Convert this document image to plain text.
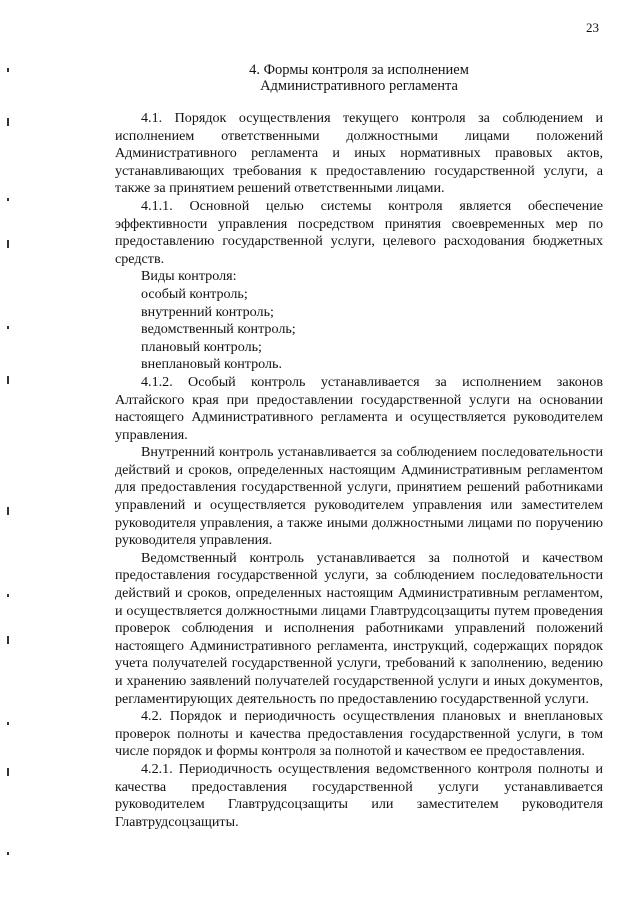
23
4. Формы контроля за исполнением
Административного регламента

4.1. Порядок осуществления текущего контроля за соблюдением и исполнением ответственными должностными лицами положений Административного регламента и иных нормативных правовых актов, устанавливающих требования к предоставлению государственной услуги, а также за принятием решений ответственными лицами.

4.1.1. Основной целью системы контроля является обеспечение эффективности управления посредством принятия своевременных мер по предоставлению государственной услуги, целевого расходования бюджетных средств.

Виды контроля:

особый контроль;

внутренний контроль;

ведомственный контроль;

плановый контроль;

внеплановый контроль.

4.1.2. Особый контроль устанавливается за исполнением законов Алтайского края при предоставлении государственной услуги на основании настоящего Административного регламента и осуществляется руководителем управления.

Внутренний контроль устанавливается за соблюдением последовательности действий и сроков, определенных настоящим Административным регламентом для предоставления государственной услуги, принятием решений работниками управлений и осуществляется руководителем управления или заместителем руководителя управления, а также иными должностными лицами по поручению руководителя управления.

Ведомственный контроль устанавливается за полнотой и качеством предоставления государственной услуги, за соблюдением последовательности действий и сроков, определенных настоящим Административным регламентом, и осуществляется должностными лицами Главтрудсоцзащиты путем проведения проверок соблюдения и исполнения работниками управлений положений настоящего Административного регламента, инструкций, содержащих порядок учета получателей государственной услуги, требований к заполнению, ведению и хранению заявлений получателей государственной услуги и иных документов, регламентирующих деятельность по предоставлению государственной услуги.

4.2. Порядок и периодичность осуществления плановых и внеплановых проверок полноты и качества предоставления государственной услуги, в том числе порядок и формы контроля за полнотой и качеством ее предоставления.

4.2.1. Периодичность осуществления ведомственного контроля полноты и качества предоставления государственной услуги устанавливается руководителем Главтрудсоцзащиты или заместителем руководителя Главтрудсоцзащиты.
